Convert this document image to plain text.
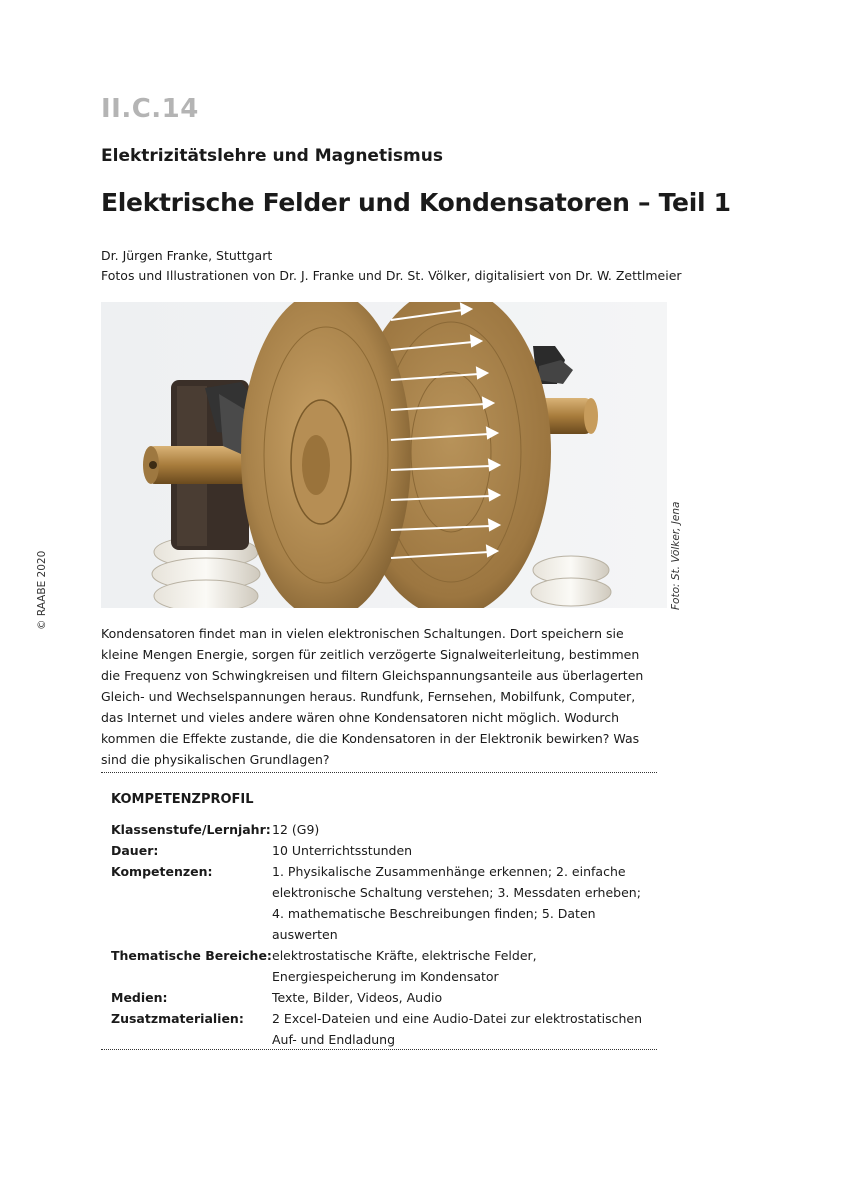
II.C.14
Elektrizitätslehre und Magnetismus
Elektrische Felder und Kondensatoren – Teil 1
Dr. Jürgen Franke, Stuttgart
Fotos und Illustrationen von Dr. J. Franke und Dr. St. Völker, digitalisiert von Dr. W. Zettlmeier
Foto: St. Völker, Jena
© RAABE 2020

Kondensatoren findet man in vielen elektronischen Schaltungen. Dort speichern sie kleine Mengen Energie, sorgen für zeitlich verzögerte Signalweiterleitung, bestimmen die Frequenz von Schwingkreisen und filtern Gleichspannungsanteile aus überlagerten Gleich- und Wechselspannungen heraus. Rundfunk, Fernsehen, Mobilfunk, Computer, das Internet und vieles andere wären ohne Kondensatoren nicht möglich. Wodurch kommen die Effekte zustande, die die Kondensatoren in der Elektronik bewirken? Was sind die physikalischen Grundlagen?

KOMPETENZPROFIL
Klassenstufe/Lernjahr: 12 (G9)
Dauer:	10 Unterrichtsstunden
Kompetenzen:	1. Physikalische Zusammenhänge erkennen; 2. einfache elektronische Schaltung verstehen; 3. Messdaten erheben; 4. mathematische Beschreibungen finden; 5. Daten auswerten
Thematische Bereiche: elektrostatische Kräfte, elektrische Felder, Energiespeicherung im Kondensator
Medien:	Texte, Bilder, Videos, Audio
Zusatzmaterialien:	2 Excel-Dateien und eine Audio-Datei zur elektrostatischen Auf- und Endladung
